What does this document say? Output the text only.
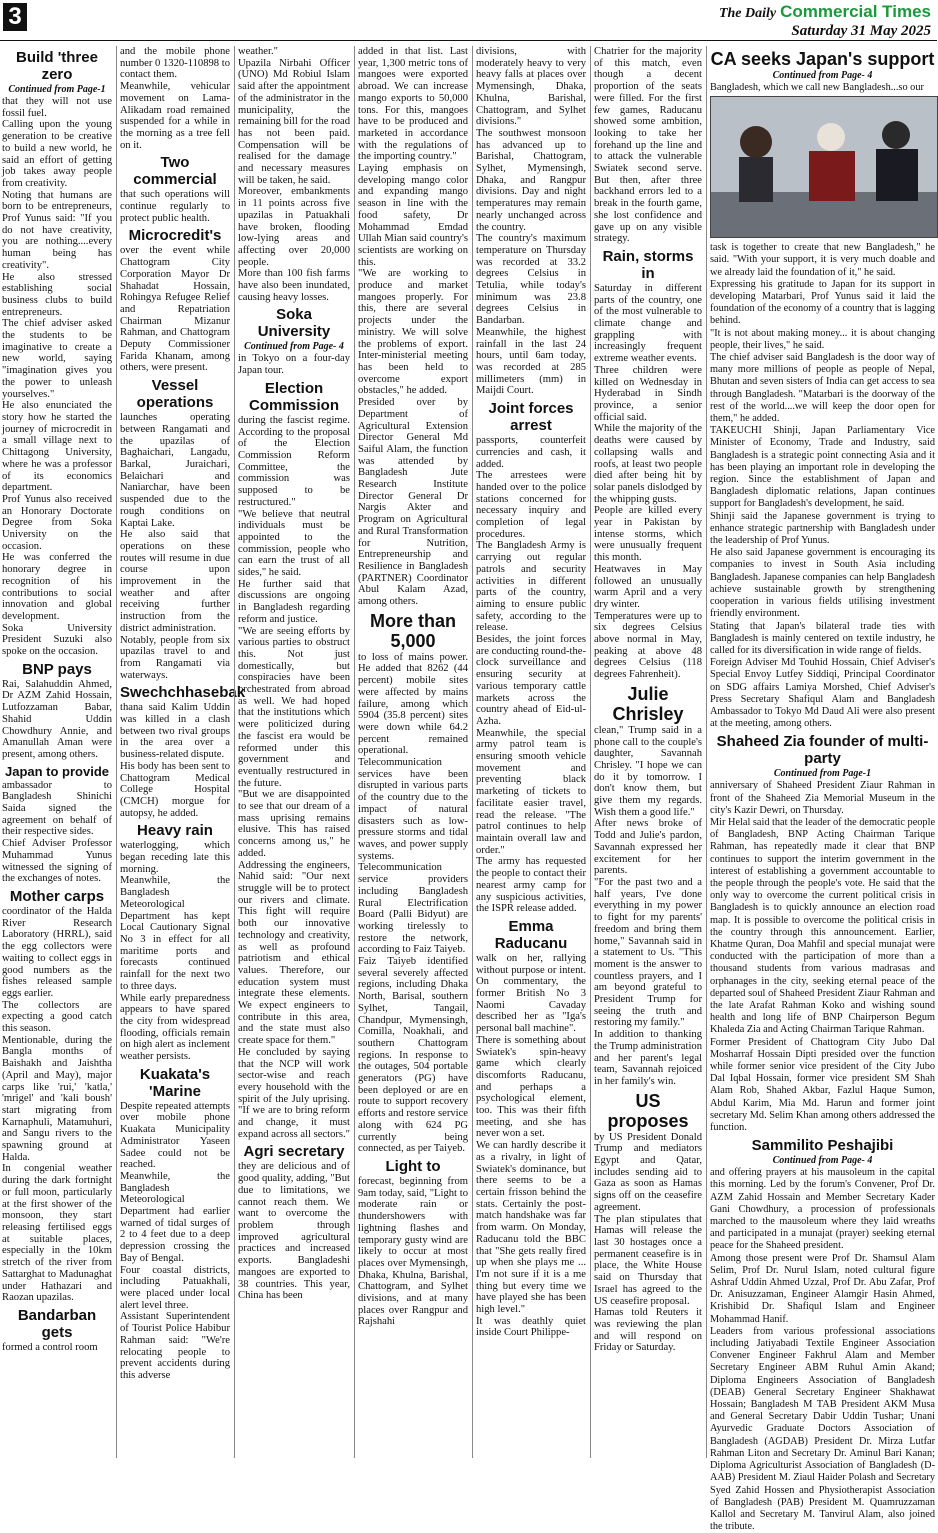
3	The Daily Commercial Times
Saturday 31 May 2025
Build 'three zero
Continued from Page-1

that they will not use fossil fuel.

Calling upon the young generation to be creative to build a new world, he said an effort of getting job takes away people from creativity.

Noting that humans are born to be entrepreneurs, Prof Yunus said: "If you do not have creativity, you are nothing....every human being has creativity".

He also stressed establishing social business clubs to build entrepreneurs.

The chief adviser asked the students to be imaginative to create a new world, saying "imagination gives you the power to unleash yourselves."

He also enunciated the story how he started the journey of microcredit in a small village next to Chittagong University, where he was a professor of its economics department.

Prof Yunus also received an Honorary Doctorate Degree from Soka University on the occasion.

He was conferred the honorary degree in recognition of his contributions to social innovation and global development.

Soka University President Suzuki also spoke on the occasion.

BNP pays

Rai, Salahuddin Ahmed, Dr AZM Zahid Hossain, Lutfozzaman Babar, Shahid Uddin Chowdhury Annie, and Amanullah Aman were present, among others.

Japan to provide

ambassador to Bangladesh Shinichi Saida signed the agreement on behalf of their respective sides.

Chief Adviser Professor Muhammad Yunus witnessed the signing of the exchanges of notes.

Mother carps

coordinator of the Halda River Research Laboratory (HRRL), said the egg collectors were waiting to collect eggs in good numbers as the fishes released sample eggs earlier.

The collectors are expecting a good catch this season.

Mentionable, during the Bangla months of Baishakh and Jaishtha (April and May), major carps like 'rui,' 'katla,' 'mrigel' and 'kali boush' start migrating from Karnaphuli, Matamuhuri, and Sangu rivers to the spawning ground at Halda.

In congenial weather during the dark fortnight or full moon, particularly at the first shower of the monsoon, they start releasing fertilised eggs at suitable places, especially in the 10km stretch of the river from Sattarghat to Madunaghat under Hathazari and Raozan upazilas.

Bandarban gets

formed a control room

and the mobile phone number 0 1320-110898 to contact them.

Meanwhile, vehicular movement on Lama-Alikadam road remained suspended for a while in the morning as a tree fell on it.

Two commercial

that such operations will continue regularly to protect public health.

Microcredit's

over the event while Chattogram City Corporation Mayor Dr Shahadat Hossain, Rohingya Refugee Relief and Repatriation Chairman Mizanur Rahman, and Chattogram Deputy Commissioner Farida Khanam, among others, were present.

Vessel operations

launches operating between Rangamati and the upazilas of Baghaichari, Langadu, Barkal, Juraichari, Belaichari and Naniarchar, have been suspended due to the rough conditions on Kaptai Lake.

He also said that operations on these routes will resume in due course upon improvement in the weather and after receiving further instruction from the district administration.

Notably, people from six upazilas travel to and from Rangamati via waterways.

Swechchhasebak

thana said Kalim Uddin was killed in a clash between two rival groups in the area over a business-related dispute.

His body has been sent to Chattogram Medical College Hospital (CMCH) morgue for autopsy, he added.

Heavy rain

waterlogging, which began receding late this morning.

Meanwhile, the Bangladesh Meteorological Department has kept Local Cautionary Signal No 3 in effect for all maritime ports and forecasts continued rainfall for the next two to three days.

While early preparedness appears to have spared the city from widespread flooding, officials remain on high alert as inclement weather persists.

Kuakata's 'Marine

Despite repeated attempts over mobile phone Kuakata Municipality Administrator Yaseen Sadee could not be reached.

Meanwhile, the Bangladesh Meteorological Department had earlier warned of tidal surges of 2 to 4 feet due to a deep depression crossing the Bay of Bengal.

Four coastal districts, including Patuakhali, were placed under local alert level three.

Assistant Superintendent of Tourist Police Habibur Rahman said: "We're relocating people to prevent accidents during this adverse

weather."

Upazila Nirbahi Officer (UNO) Md Robiul Islam said after the appointment of the administrator in the municipality, the remaining bill for the road has not been paid. Compensation will be realised for the damage and necessary measures will be taken, he said.

Moreover, embankments in 11 points across five upazilas in Patuakhali have broken, flooding low-lying areas and affecting over 20,000 people.

More than 100 fish farms have also been inundated, causing heavy losses.

Soka University
Continued from Page- 4

in Tokyo on a four-day Japan tour.

Election Commission

during the fascist regime. According to the proposal of the Election Commission Reform Committee, the commission was supposed to be restructured."

"We believe that neutral individuals must be appointed to the commission, people who can earn the trust of all sides," he said.

He further said that discussions are ongoing in Bangladesh regarding reform and justice.

"We are seeing efforts by various parties to obstruct this. Not just domestically, but conspiracies have been orchestrated from abroad as well. We had hoped that the institutions which were politicized during the fascist era would be reformed under this government and eventually restructured in the future.

"But we are disappointed to see that our dream of a mass uprising remains elusive. This has raised concerns among us," he added.

Addressing the engineers, Nahid said: "Our next struggle will be to protect our rivers and climate. This fight will require both our innovative technology and creativity, as well as profound patriotism and ethical values. Therefore, our education system must integrate these elements. We expect engineers to contribute in this area, and the state must also create space for them."

He concluded by saying that the NCP will work sector-wise and reach every household with the spirit of the July uprising. "If we are to bring reform and change, it must expand across all sectors."

Agri secretary

they are delicious and of good quality, adding, "But due to limitations, we cannot reach them. We want to overcome the problem through improved agricultural practices and increased exports. Bangladeshi mangoes are exported to 38 countries. This year, China has been

added in that list. Last year, 1,300 metric tons of mangoes were exported abroad. We can increase mango exports to 50,000 tons. For this, mangoes have to be produced and marketed in accordance with the regulations of the importing country."

Laying emphasis on developing mango color and expanding mango season in line with the food safety, Dr Mohammad Emdad Ullah Mian said country's scientists are working on this.

"We are working to produce and market mangoes properly. For this, there are several projects under the ministry. We will solve the problems of export. Inter-ministerial meeting has been held to overcome export obstacles," he added.

Presided over by Department of Agricultural Extension Director General Md Saiful Alam, the function was attended by Bangladesh Jute Research Institute Director General Dr Nargis Akter and Program on Agricultural and Rural Transformation for Nutrition, Entrepreneurship and Resilience in Bangladesh (PARTNER) Coordinator Abul Kalam Azad, among others.

More than 5,000

to loss of mains power. He added that 8262 (44 percent) mobile sites were affected by mains failure, among which 5904 (35.8 percent) sites were down while 64.2 percent remained operational.

Telecommunication services have been disrupted in various parts of the country due to the impact of natural disasters such as low-pressure storms and tidal waves, and power supply systems. Telecommunication service providers including Bangladesh Rural Electrification Board (Palli Bidyut) are working tirelessly to restore the network, according to Faiz Taiyeb.

Faiz Taiyeb identified several severely affected regions, including Dhaka North, Barisal, southern Sylhet, Tangail, Chandpur, Mymensingh, Comilla, Noakhali, and southern Chattogram regions. In response to the outages, 504 portable generators (PG) have been deployed or are en route to support recovery efforts and restore service along with 624 PG currently being connected, as per Taiyeb.

Light to

forecast, beginning from 9am today, said, "Light to moderate rain or thundershowers with lightning flashes and temporary gusty wind are likely to occur at most places over Mymensingh, Dhaka, Khulna, Barishal, Chattogram, and Sylhet divisions, and at many places over Rangpur and Rajshahi

divisions, with moderately heavy to very heavy falls at places over Mymensingh, Dhaka, Khulna, Barishal, Chattogram, and Sylhet divisions."

The southwest monsoon has advanced up to Barishal, Chattogram, Sylhet, Mymensingh, Dhaka, and Rangpur divisions. Day and night temperatures may remain nearly unchanged across the country.

The country's maximum temperature on Thursday was recorded at 33.2 degrees Celsius in Tetulia, while today's minimum was 23.8 degrees Celsius in Bandarban.

Meanwhile, the highest rainfall in the last 24 hours, until 6am today, was recorded at 285 millimeters (mm) in Maijdi Court.

Joint forces arrest

passports, counterfeit currencies and cash, it added.

The arrestees were handed over to the police stations concerned for necessary inquiry and completion of legal procedures.

The Bangladesh Army is carrying out regular patrols and security activities in different parts of the country, aiming to ensure public safety, according to the release.

Besides, the joint forces are conducting round-the-clock surveillance and ensuring security at various temporary cattle markets across the country ahead of Eid-ul-Azha.

Meanwhile, the special army patrol team is ensuring smooth vehicle movement and preventing black marketing of tickets to facilitate easier travel, read the release. "The patrol continues to help maintain overall law and order."

The army has requested the people to contact their nearest army camp for any suspicious activities, the ISPR release added.

Emma Raducanu

walk on her, rallying without purpose or intent. On commentary, the former British No 3 Naomi Cavaday described her as "Iga's personal ball machine".

There is something about Swiatek's spin-heavy game which clearly discomforts Raducanu, and perhaps a psychological element, too. This was their fifth meeting, and she has never won a set.

We can hardly describe it as a rivalry, in light of Swiatek's dominance, but there seems to be a certain frisson behind the stats. Certainly the post-match handshake was far from warm. On Monday, Raducanu told the BBC that "She gets really fired up when she plays me ... I'm not sure if it is a me thing but every time we have played she has been high level."

It was deathly quiet inside Court Philippe-

Chatrier for the majority of this match, even though a decent proportion of the seats were filled. For the first few games, Raducanu showed some ambition, looking to take her forehand up the line and to attack the vulnerable Swiatek second serve. But then, after three backhand errors led to a break in the fourth game, she lost confidence and gave up on any visible strategy.

Rain, storms in

Saturday in different parts of the country, one of the most vulnerable to climate change and grappling with increasingly frequent extreme weather events.

Three children were killed on Wednesday in Hyderabad in Sindh province, a senior official said.

While the majority of the deaths were caused by collapsing walls and roofs, at least two people died after being hit by solar panels dislodged by the whipping gusts.

People are killed every year in Pakistan by intense storms, which were unusually frequent this month.

Heatwaves in May followed an unusually warm April and a very dry winter.

Temperatures were up to six degrees Celsius above normal in May, peaking at above 48 degrees Celsius (118 degrees Fahrenheit).

Julie Chrisley

clean," Trump said in a phone call to the couple's daughter, Savannah Chrisley. "I hope we can do it by tomorrow. I don't know them, but give them my regards. Wish them a good life."

After news broke of Todd and Julie's pardon, Savannah expressed her excitement for her parents.

"For the past two and a half years, I've done everything in my power to fight for my parents' freedom and bring them home," Savannah said in a statement to Us. "This moment is the answer to countless prayers, and I am beyond grateful to President Trump for seeing the truth and restoring my family."

In addition to thanking the Trump administration and her parent's legal team, Savannah rejoiced in her family's win.

US proposes

by US President Donald Trump and mediators Egypt and Qatar, includes sending aid to Gaza as soon as Hamas signs off on the ceasefire agreement.

The plan stipulates that Hamas will release the last 30 hostages once a permanent ceasefire is in place, the White House said on Thursday that Israel has agreed to the US ceasefire proposal.

Hamas told Reuters it was reviewing the plan and will respond on Friday or Saturday.

CA seeks Japan's support
Continued from Page- 4

Bangladesh, which we call new Bangladesh...so our

task is together to create that new Bangladesh," he said. "With your support, it is very much doable and we already laid the foundation of it," he said.

Expressing his gratitude to Japan for its support in developing Matarbari, Prof Yunus said it laid the foundation of the economy of a country that is lagging behind.

"It is not about making money... it is about changing people, their lives," he said.

The chief adviser said Bangladesh is the door way of many more millions of people as people of Nepal, Bhutan and seven sisters of India can get access to sea through Bangladesh. "Matarbari is the doorway of the rest of the world....we will keep the door open for them," he added.

TAKEUCHI Shinji, Japan Parliamentary Vice Minister of Economy, Trade and Industry, said Bangladesh is a strategic point connecting Asia and it has been playing an important role in developing the region. Since the establishment of Japan and Bangladesh diplomatic relations, Japan continues support for Bangladesh's development, he said.

Shinji said the Japanese government is trying to enhance strategic partnership with Bangladesh under the leadership of Prof Yunus.

He also said Japanese government is encouraging its companies to invest in South Asia including Bangladesh. Japanese companies can help Bangladesh achieve sustainable growth by strengthening cooperation in various fields utilising investment friendly environment.

Stating that Japan's bilateral trade ties with Bangladesh is mainly centered on textile industry, he called for its diversification in wide range of fields.

Foreign Adviser Md Touhid Hossain, Chief Adviser's Special Envoy Lutfey Siddiqi, Principal Coordinator on SDG affairs Lamiya Morshed, Chief Adviser's Press Secretary Shafiqul Alam and Bangladesh Ambassador to Tokyo Md Daud Ali were also present at the meeting, among others.

Shaheed Zia founder of multi-party
Continued from Page-1

anniversary of Shaheed President Ziaur Rahman in front of the Shaheed Zia Memorial Museum in the city's Kazir Dewri, on Thursday.

Mir Helal said that the leader of the democratic people of Bangladesh, BNP Acting Chairman Tarique Rahman, has repeatedly made it clear that BNP continues to support the interim government in the interest of establishing a government accountable to the people through the people's vote. He said that the only way to overcome the current political crisis in Bangladesh is to quickly announce an election road map. It is possible to overcome the political crisis in the country through this announcement. Earlier, Khatme Quran, Doa Mahfil and special munajat were conducted with the participation of more than a thousand students from various madrasas and orphanages in the city, seeking eternal peace of the departed soul of Shaheed President Ziaur Rahman and the late Arafat Rahman Koko and wishing sound health and long life of BNP Chairperson Begum Khaleda Zia and Acting Chairman Tarique Rahman.

Former President of Chattogram City Jubo Dal Mosharraf Hossain Dipti presided over the function while former senior vice president of the City Jubo Dal Iqbal Hossain, former vice president SM Shah Alam Rob, Shahed Akbar, Fazlul Haque Sumon, Abdul Karim, Mia Md. Harun and former joint secretary Md. Selim Khan among others addressed the function.

Sammilito Peshajibi
Continued from Page- 4

and offering prayers at his mausoleum in the capital this morning. Led by the forum's Convener, Prof Dr. AZM Zahid Hossain and Member Secretary Kader Gani Chowdhury, a procession of professionals marched to the mausoleum where they laid wreaths and participated in a munajat (prayer) seeking eternal peace for the Shaheed president.

Among those present were Prof Dr. Shamsul Alam Selim, Prof Dr. Nurul Islam, noted cultural figure Ashraf Uddin Ahmed Uzzal, Prof Dr. Abu Zafar, Prof Dr. Anisuzzaman, Engineer Alamgir Hasin Ahmed, Krishibid Dr. Shafiqul Islam and Engineer Mohammad Hanif.

Leaders from various professional associations including Jatiyabadi Textile Engineer Association Convener Engineer Fakhrul Alam and Member Secretary Engineer ABM Ruhul Amin Akand; Diploma Engineers Association of Bangladesh (DEAB) General Secretary Engineer Shakhawat Hossain; Bangladesh M TAB President AKM Musa and General Secretary Dabir Uddin Tushar; Unani Ayurvedic Graduate Doctors Association of Bangladesh (AGDAB) President Dr. Mirza Lutfar Rahman Liton and Secretary Dr. Aminul Bari Kanan; Diploma Agriculturist Association of Bangladesh (D-AAB) President M. Ziaul Haider Polash and Secretary Syed Zahid Hossen and Physiotherapist Association of Bangladesh (PAB) President M. Quamruzzaman Kallol and Secretary M. Tanvirul Alam, also joined the tribute.
